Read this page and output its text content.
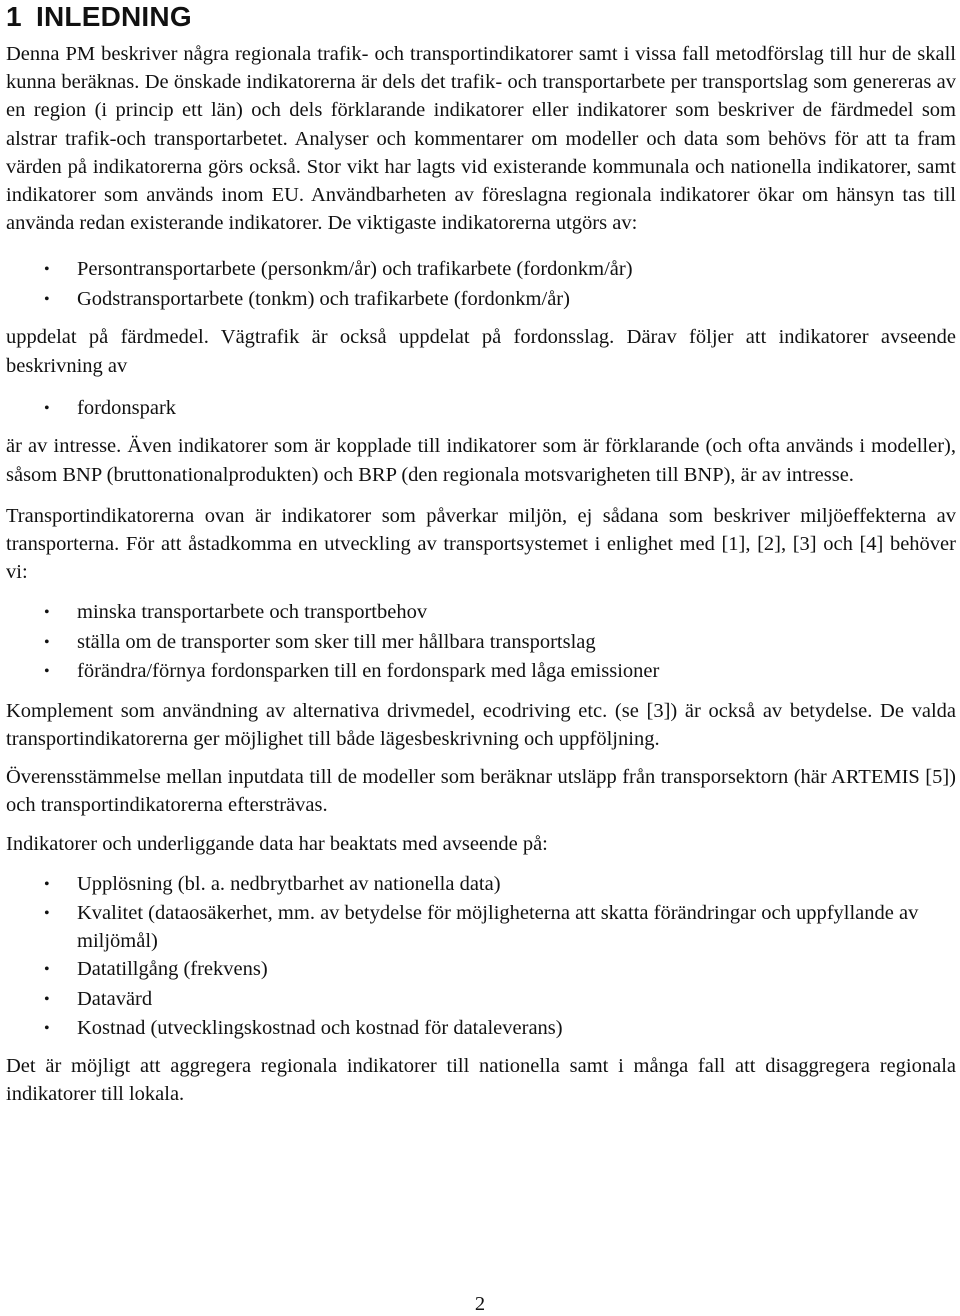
1 INLEDNING

Denna PM beskriver några regionala trafik- och transportindikatorer samt i vissa fall metodförslag till hur de skall kunna beräknas. De önskade indikatorerna är dels det trafik- och transportarbete per transportslag som genereras av en region (i princip ett län) och dels förklarande indikatorer eller indikatorer som beskriver de färdmedel som alstrar trafik-och transportarbetet. Analyser och kommentarer om modeller och data som behövs för att ta fram värden på indikatorerna görs också. Stor vikt har lagts vid existerande kommunala och nationella indikatorer, samt indikatorer som används inom EU. Användbarheten av föreslagna regionala indikatorer ökar om hänsyn tas till använda redan existerande indikatorer. De viktigaste indikatorerna utgörs av:

• Persontransportarbete (personkm/år) och trafikarbete (fordonkm/år)
• Godstransportarbete (tonkm) och trafikarbete (fordonkm/år)

uppdelat på färdmedel. Vägtrafik är också uppdelat på fordonsslag. Därav följer att indikatorer avseende beskrivning av

• fordonspark

är av intresse. Även indikatorer som är kopplade till indikatorer som är förklarande (och ofta används i modeller), såsom BNP (bruttonationalprodukten) och BRP (den regionala motsvarigheten till BNP), är av intresse.

Transportindikatorerna ovan är indikatorer som påverkar miljön, ej sådana som beskriver miljöeffekterna av transporterna. För att åstadkomma en utveckling av transportsystemet i enlighet med [1], [2], [3] och [4] behöver vi:

• minska transportarbete och transportbehov
• ställa om de transporter som sker till mer hållbara transportslag
• förändra/förnya fordonsparken till en fordonspark med låga emissioner

Komplement som användning av alternativa drivmedel, ecodriving etc. (se [3]) är också av betydelse. De valda transportindikatorerna ger möjlighet till både lägesbeskrivning och uppföljning.

Överensstämmelse mellan inputdata till de modeller som beräknar utsläpp från transporsektorn (här ARTEMIS [5]) och transportindikatorerna eftersträvas.

Indikatorer och underliggande data har beaktats med avseende på:

• Upplösning (bl. a. nedbrytbarhet av nationella data)
• Kvalitet (dataosäkerhet, mm. av betydelse för möjligheterna att skatta förändringar och uppfyllande av miljömål)
• Datatillgång (frekvens)
• Datavärd
• Kostnad (utvecklingskostnad och kostnad för dataleverans)

Det är möjligt att aggregera regionala indikatorer till nationella samt i många fall att disaggregera regionala indikatorer till lokala.

2
